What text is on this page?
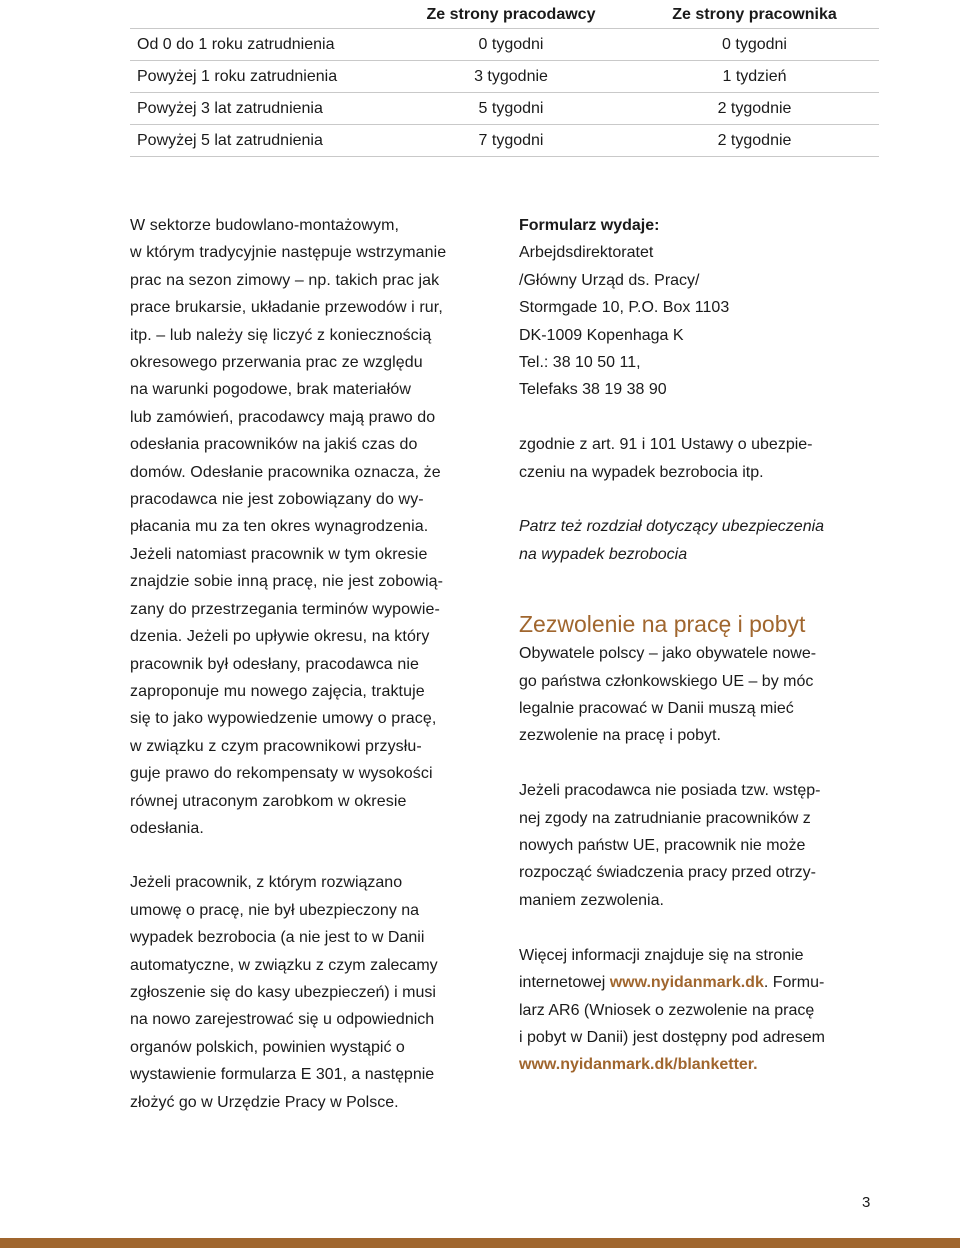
	Ze strony pracodawcy	Ze strony pracownika
Od 0 do 1 roku zatrudnienia	0 tygodni	0 tygodni
Powyżej 1 roku zatrudnienia	3 tygodnie	1 tydzień
Powyżej 3 lat zatrudnienia	5 tygodni	2 tygodnie
Powyżej 5 lat zatrudnienia	7 tygodni	2 tygodnie

W sektorze budowlano-montażowym,
w którym tradycyjnie następuje wstrzymanie
prac na sezon zimowy – np. takich prac jak
prace brukarsie, układanie przewodów i rur,
itp. – lub należy się liczyć z koniecznością
okresowego przerwania prac ze względu
na warunki pogodowe, brak materiałów
lub zamówień, pracodawcy mają prawo do
odesłania pracowników na jakiś czas do
domów. Odesłanie pracownika oznacza, że
pracodawca nie jest zobowiązany do wy-
płacania mu za ten okres wynagrodzenia.
Jeżeli natomiast pracownik w tym okresie
znajdzie sobie inną pracę, nie jest zobowią-
zany do przestrzegania terminów wypowie-
dzenia. Jeżeli po upływie okresu, na który
pracownik był odesłany, pracodawca nie
zaproponuje mu nowego zajęcia, traktuje
się to jako wypowiedzenie umowy o pracę,
w związku z czym pracownikowi przysłu-
guje prawo do rekompensaty w wysokości
równej utraconym zarobkom w okresie
odesłania.

Jeżeli pracownik, z którym rozwiązano
umowę o pracę, nie był ubezpieczony na
wypadek bezrobocia (a nie jest to w Danii
automatyczne, w związku z czym zalecamy
zgłoszenie się do kasy ubezpieczeń) i musi
na nowo zarejestrować się u odpowiednich
organów polskich, powinien wystąpić o
wystawienie formularza E 301, a następnie
złożyć go w Urzędzie Pracy w Polsce.

Formularz wydaje:
Arbejdsdirektoratet
/Główny Urząd ds. Pracy/
Stormgade 10, P.O. Box 1103
DK-1009 Kopenhaga K
Tel.: 38 10 50 11,
Telefaks 38 19 38 90

zgodnie z art. 91 i 101 Ustawy o ubezpie-
czeniu na wypadek bezrobocia itp.

Patrz też rozdział dotyczący ubezpieczenia
na wypadek bezrobocia

Zezwolenie na pracę i pobyt

Obywatele polscy – jako obywatele nowe-
go państwa członkowskiego UE – by móc
legalnie pracować w Danii muszą mieć
zezwolenie na pracę i pobyt.

Jeżeli pracodawca nie posiada tzw. wstęp-
nej zgody na zatrudnianie pracowników z
nowych państw UE, pracownik nie może
rozpocząć świadczenia pracy przed otrzy-
maniem zezwolenia.

Więcej informacji znajduje się na stronie
internetowej www.nyidanmark.dk. Formu-
larz AR6 (Wniosek o zezwolenie na pracę
i pobyt w Danii) jest dostępny pod adresem
www.nyidanmark.dk/blanketter.

3
